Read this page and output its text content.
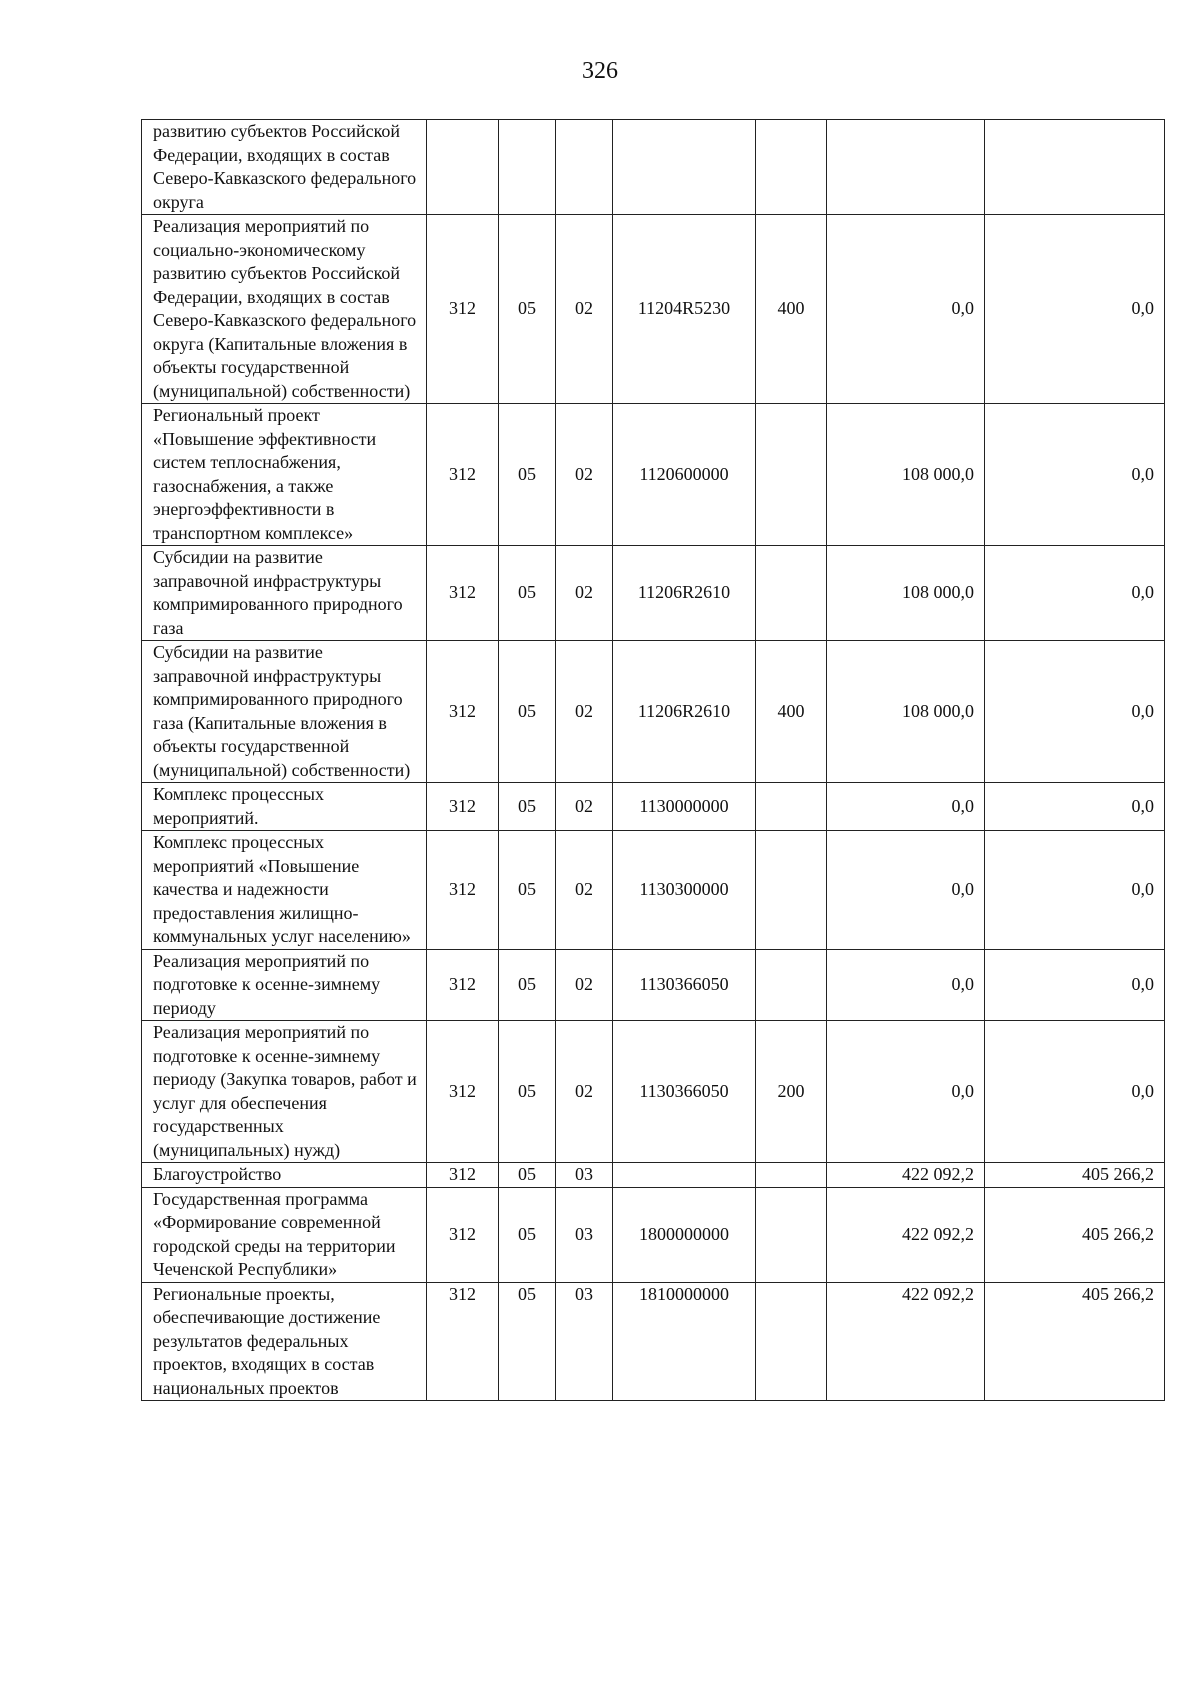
326
развитию субъектов Российской Федерации, входящих в состав Северо-Кавказского федерального округа							
Реализация мероприятий по социально-экономическому развитию субъектов Российской Федерации, входящих в состав Северо-Кавказского федерального округа (Капитальные вложения в объекты государственной (муниципальной) собственности)	312	05	02	11204R5230	400	0,0	0,0
Региональный проект «Повышение эффективности систем теплоснабжения, газоснабжения, а также энергоэффективности в транспортном комплексе»	312	05	02	1120600000		108 000,0	0,0
Субсидии на развитие заправочной инфраструктуры компримированного природного газа	312	05	02	11206R2610		108 000,0	0,0
Субсидии на развитие заправочной инфраструктуры компримированного природного газа (Капитальные вложения в объекты государственной (муниципальной) собственности)	312	05	02	11206R2610	400	108 000,0	0,0
Комплекс процессных мероприятий.	312	05	02	1130000000		0,0	0,0
Комплекс процессных мероприятий «Повышение качества и надежности предоставления жилищно-коммунальных услуг населению»	312	05	02	1130300000		0,0	0,0
Реализация мероприятий по подготовке к осенне-зимнему периоду	312	05	02	1130366050		0,0	0,0
Реализация мероприятий по подготовке к осенне-зимнему периоду (Закупка товаров, работ и услуг для обеспечения государственных (муниципальных) нужд)	312	05	02	1130366050	200	0,0	0,0
Благоустройство	312	05	03			422 092,2	405 266,2
Государственная программа «Формирование современной городской среды на территории Чеченской Республики»	312	05	03	1800000000		422 092,2	405 266,2
Региональные проекты, обеспечивающие достижение результатов федеральных проектов, входящих в состав национальных проектов	312	05	03	1810000000		422 092,2	405 266,2
